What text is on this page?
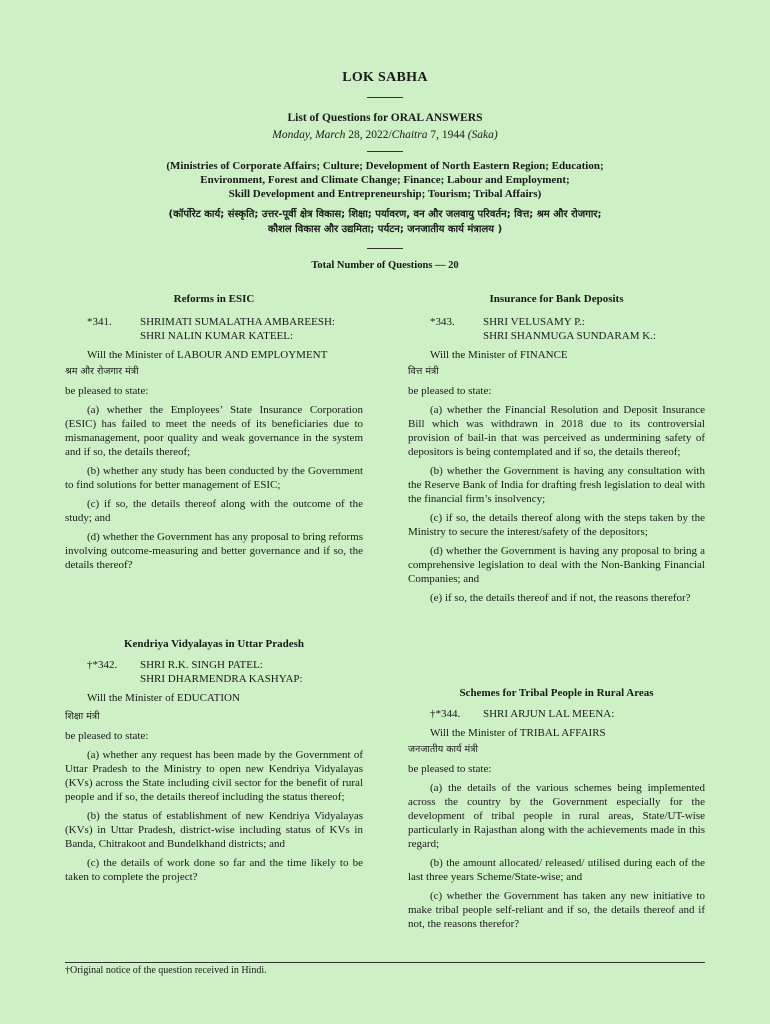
LOK SABHA
List of Questions for ORAL ANSWERS
Monday, March 28, 2022/Chaitra 7, 1944 (Saka)
(Ministries of Corporate Affairs; Culture; Development of North Eastern Region; Education;
Environment, Forest and Climate Change; Finance; Labour and Employment;
Skill Development and Entrepreneurship; Tourism; Tribal Affairs)
(कॉर्पोरेट कार्य; संस्कृति; उत्तर-पूर्वी क्षेत्र विकास; शिक्षा; पर्यावरण, वन और जलवायु परिवर्तन; वित्त; श्रम और रोजगार;
कौशल विकास और उद्यमिता; पर्यटन; जनजातीय कार्य मंत्रालय )
Total Number of Questions — 20
Reforms in ESIC
*341.	SHRIMATI SUMALATHA AMBAREESH:
SHRI NALIN KUMAR KATEEL:
Will the Minister of LABOUR AND EMPLOYMENT
श्रम और रोजगार मंत्री
be pleased to state:
(a) whether the Employees’ State Insurance Corporation (ESIC) has failed to meet the needs of its beneficiaries due to mismanagement, poor quality and weak governance in the system and if so, the details thereof;
(b) whether any study has been conducted by the Government to find solutions for better management of ESIC;
(c) if so, the details thereof along with the outcome of the study; and
(d) whether the Government has any proposal to bring reforms involving outcome-measuring and better governance and if so, the details thereof?
Kendriya Vidyalayas in Uttar Pradesh
†*342.	SHRI R.K. SINGH PATEL:
SHRI DHARMENDRA KASHYAP:
Will the Minister of EDUCATION
शिक्षा मंत्री
be pleased to state:
(a) whether any request has been made by the Government of Uttar Pradesh to the Ministry to open new Kendriya Vidyalayas (KVs) across the State including civil sector for the benefit of rural people and if so, the details thereof including the status thereof;
(b) the status of establishment of new Kendriya Vidyalayas (KVs) in Uttar Pradesh, district-wise including status of KVs in Banda, Chitrakoot and Bundelkhand districts; and
(c) the details of work done so far and the time likely to be taken to complete the project?
Insurance for Bank Deposits
*343.	SHRI VELUSAMY P.:
SHRI SHANMUGA SUNDARAM K.:
Will the Minister of FINANCE
वित्त मंत्री
be pleased to state:
(a) whether the Financial Resolution and Deposit Insurance Bill which was withdrawn in 2018 due to its controversial provision of bail-in that was perceived as undermining safety of depositors is being contemplated and if so, the details thereof;
(b) whether the Government is having any consultation with the Reserve Bank of India for drafting fresh legislation to deal with the financial firm’s insolvency;
(c) if so, the details thereof along with the steps taken by the Ministry to secure the interest/safety of the depositors;
(d) whether the Government is having any proposal to bring a comprehensive legislation to deal with the Non-Banking Financial Companies; and
(e) if so, the details thereof and if not, the reasons therefor?
Schemes for Tribal People in Rural Areas
†*344.	SHRI ARJUN LAL MEENA:
Will the Minister of TRIBAL AFFAIRS
जनजातीय कार्य मंत्री
be pleased to state:
(a) the details of the various schemes being implemented across the country by the Government especially for the development of tribal people in rural areas, State/UT-wise particularly in Rajasthan along with the achievements made in this regard;
(b) the amount allocated/ released/ utilised during each of the last three years Scheme/State-wise; and
(c) whether the Government has taken any new initiative to make tribal people self-reliant and if so, the details thereof and if not, the reasons therefor?
†Original notice of the question received in Hindi.
